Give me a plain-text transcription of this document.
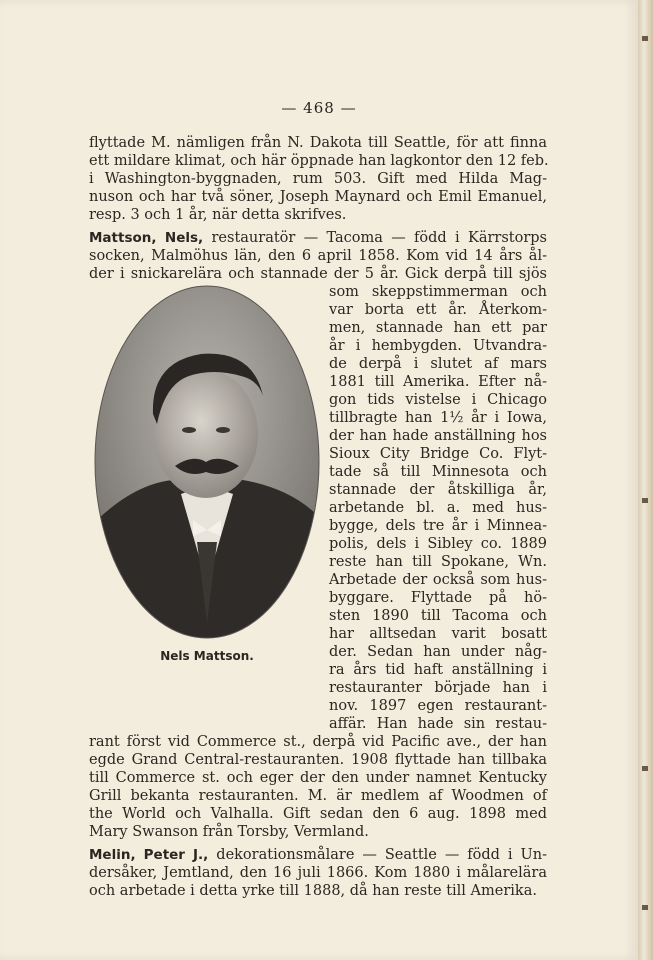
— 468 —
flyttade M. nämligen från N. Dakota till Seattle, för att finna
ett mildare klimat, och här öppnade han lagkontor den 12 feb.
i Washington-byggnaden, rum 503. Gift med Hilda Mag-
nuson och har två söner, Joseph Maynard och Emil Emanuel,
resp. 3 och 1 år, när detta skrifves.
Mattson, Nels, restauratör — Tacoma — född i Kärrstorps
socken, Malmöhus län, den 6 april 1858. Kom vid 14 års ål-
der i snickarelära och stannade der 5 år. Gick derpå till sjös
som skeppstimmerman och
var borta ett år. Återkom-
men, stannade han ett par
år i hembygden. Utvandra-
de derpå i slutet af mars
1881 till Amerika. Efter nå-
gon tids vistelse i Chicago
tillbragte han 1½ år i Iowa,
der han hade anställning hos
Sioux City Bridge Co. Flyt-
tade så till Minnesota och
stannade der åtskilliga år,
arbetande bl. a. med hus-
bygge, dels tre år i Minnea-
polis, dels i Sibley co. 1889
reste han till Spokane, Wn.
Arbetade der också som hus-
byggare. Flyttade på hö-
sten 1890 till Tacoma och
har alltsedan varit bosatt
der. Sedan han under någ-
ra års tid haft anställning i
restauranter började han i
nov. 1897 egen restaurant-
affär. Han hade sin restau-
rant först vid Commerce st., derpå vid Pacific ave., der han
egde Grand Central-restauranten. 1908 flyttade han tillbaka
till Commerce st. och eger der den under namnet Kentucky
Grill bekanta restauranten. M. är medlem af Woodmen of
the World och Valhalla. Gift sedan den 6 aug. 1898 med
Mary Swanson från Torsby, Vermland.
Nels Mattson.
Melin, Peter J., dekorationsmålare — Seattle — född i Un-
dersåker, Jemtland, den 16 juli 1866. Kom 1880 i målarelära
och arbetade i detta yrke till 1888, då han reste till Amerika.
